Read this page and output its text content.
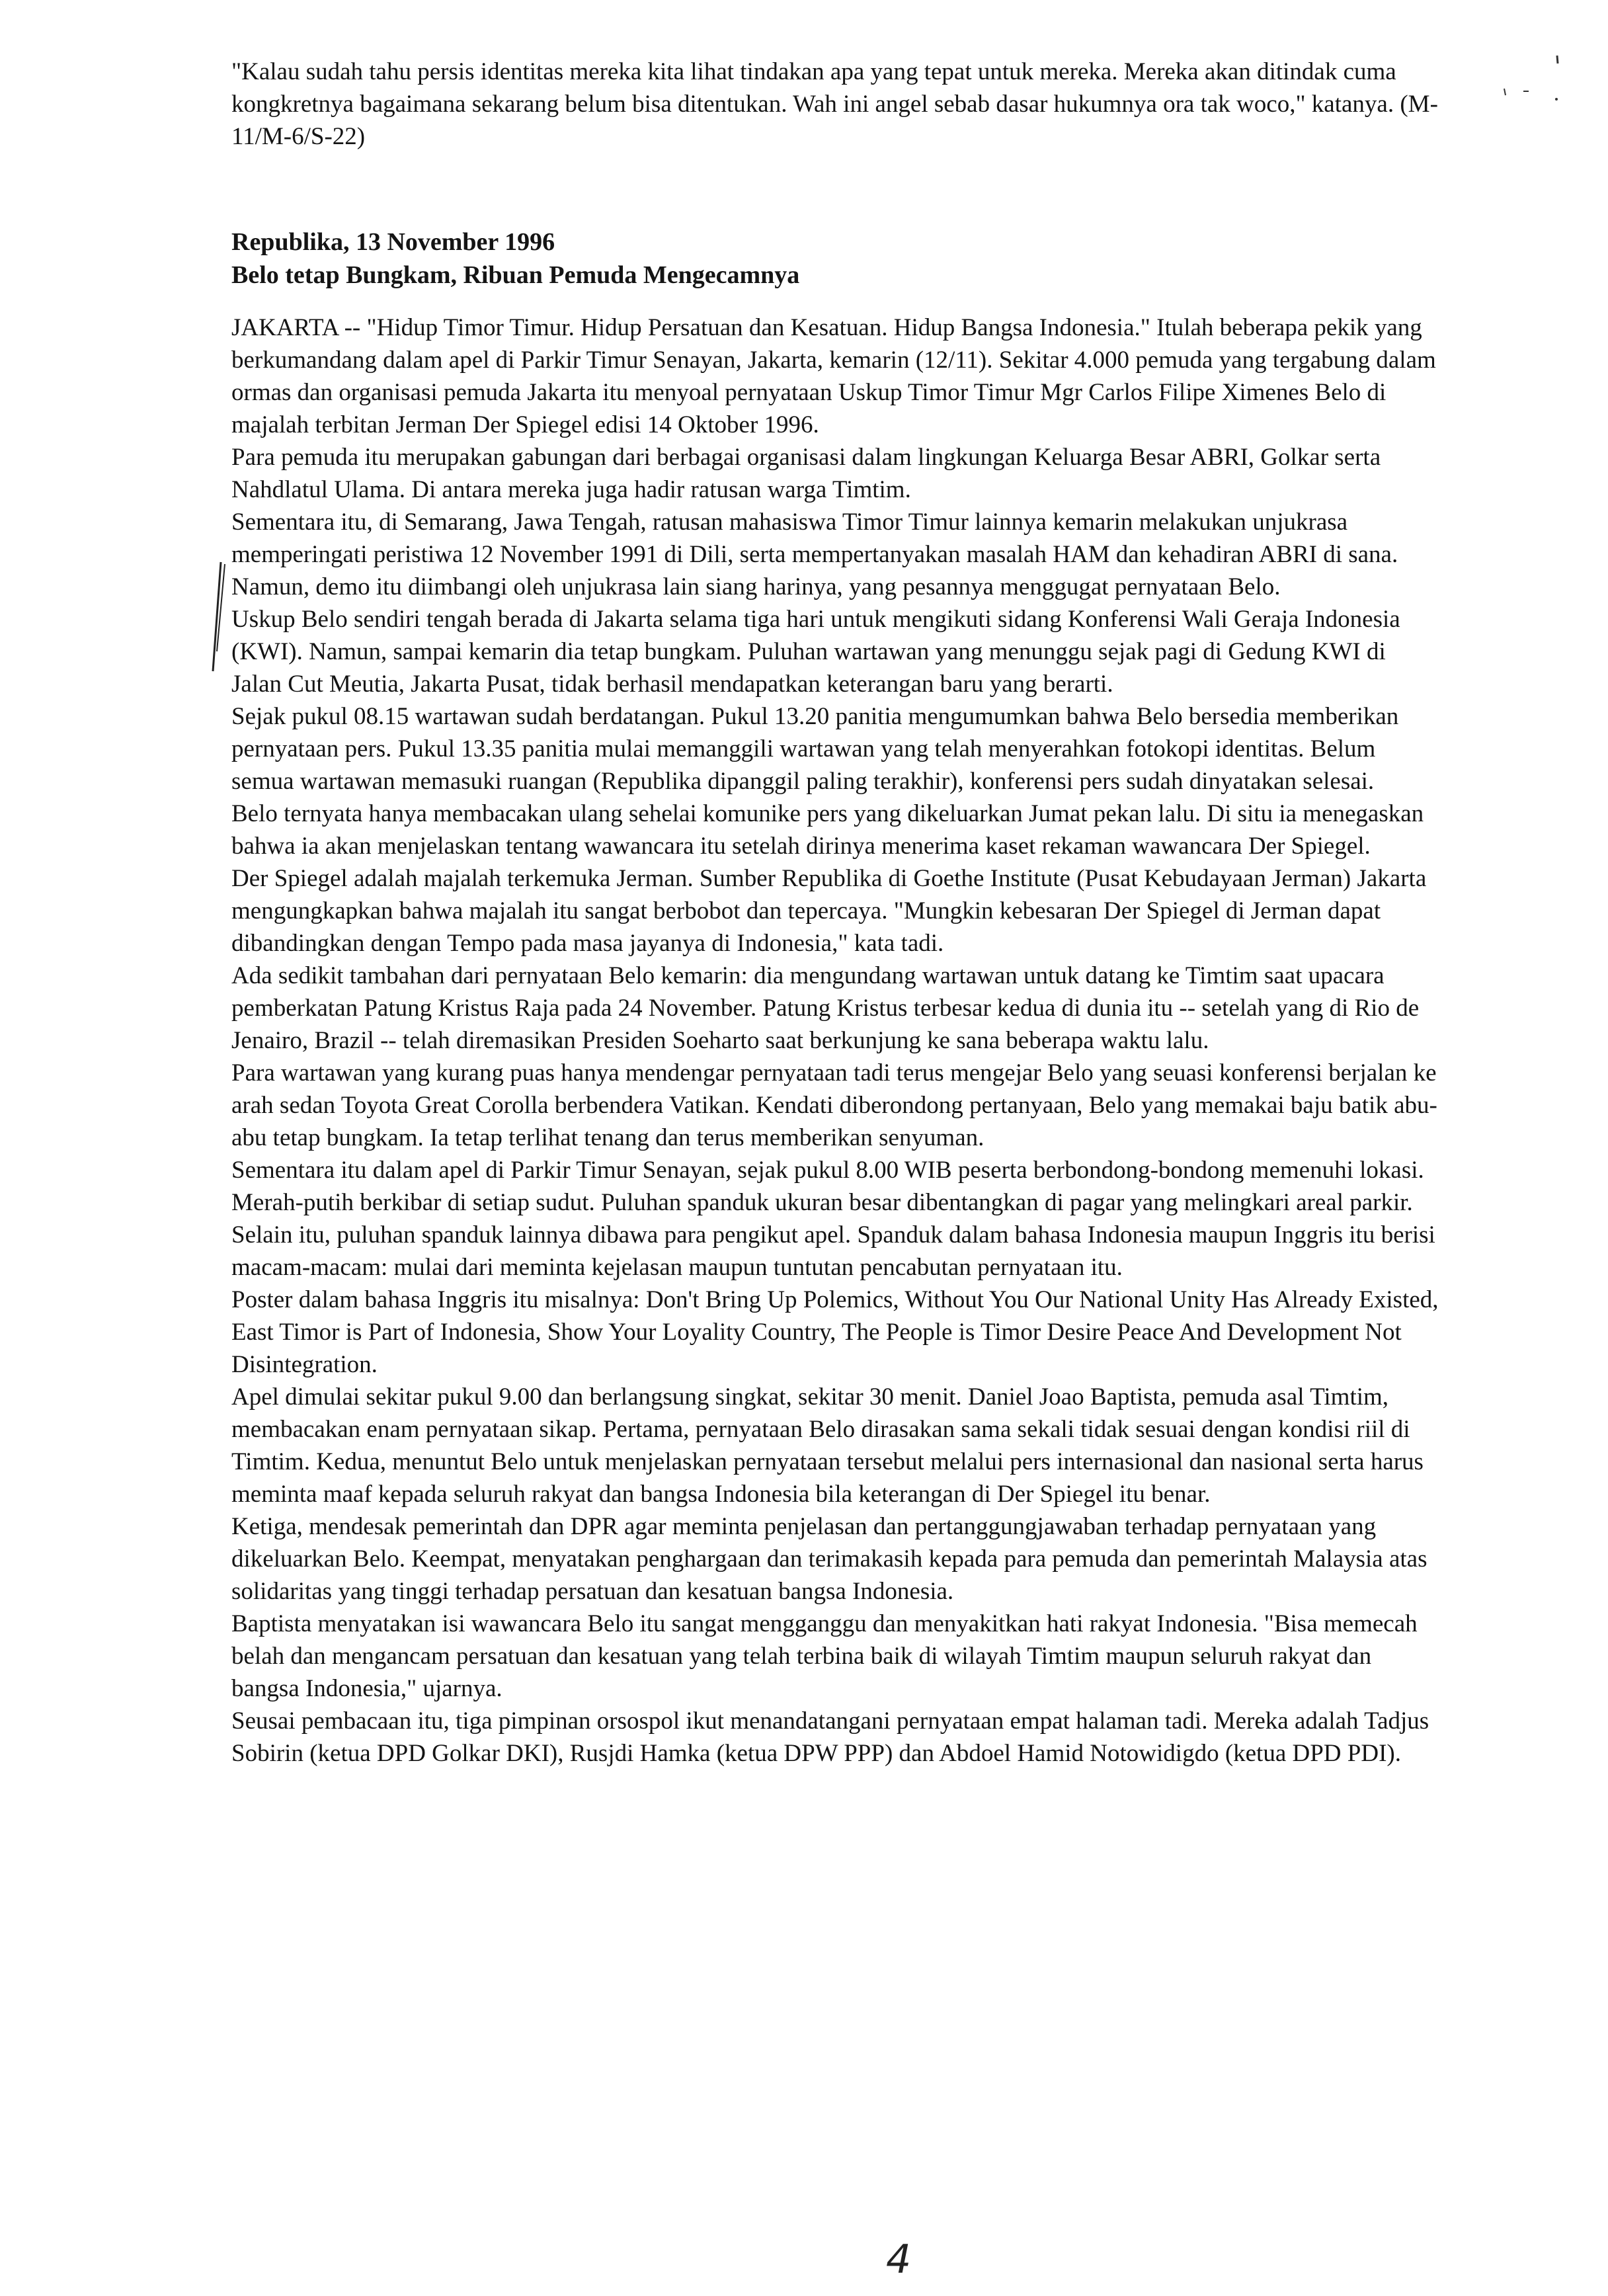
"Kalau sudah tahu persis identitas mereka kita lihat tindakan apa yang tepat untuk mereka. Mereka akan ditindak cuma kongkretnya bagaimana sekarang belum bisa ditentukan. Wah ini angel sebab dasar hukumnya ora tak woco," katanya. (M-11/M-6/S-22)

Republika, 13 November 1996

Belo tetap Bungkam, Ribuan Pemuda Mengecamnya

JAKARTA -- "Hidup Timor Timur. Hidup Persatuan dan Kesatuan. Hidup Bangsa Indonesia." Itulah beberapa pekik yang berkumandang dalam apel di Parkir Timur Senayan, Jakarta, kemarin (12/11). Sekitar 4.000 pemuda yang tergabung dalam ormas dan organisasi pemuda Jakarta itu menyoal pernyataan Uskup Timor Timur Mgr Carlos Filipe Ximenes Belo di majalah terbitan Jerman Der Spiegel edisi 14 Oktober 1996.

Para pemuda itu merupakan gabungan dari berbagai organisasi dalam lingkungan Keluarga Besar ABRI, Golkar serta Nahdlatul Ulama. Di antara mereka juga hadir ratusan warga Timtim.

Sementara itu, di Semarang, Jawa Tengah, ratusan mahasiswa Timor Timur lainnya kemarin melakukan unjukrasa memperingati peristiwa 12 November 1991 di Dili, serta mempertanyakan masalah HAM dan kehadiran ABRI di sana. Namun, demo itu diimbangi oleh unjukrasa lain siang harinya, yang pesannya menggugat pernyataan Belo.

Uskup Belo sendiri tengah berada di Jakarta selama tiga hari untuk mengikuti sidang Konferensi Wali Geraja Indonesia (KWI). Namun, sampai kemarin dia tetap bungkam. Puluhan wartawan yang menunggu sejak pagi di Gedung KWI di Jalan Cut Meutia, Jakarta Pusat, tidak berhasil mendapatkan keterangan baru yang berarti.

Sejak pukul 08.15 wartawan sudah berdatangan. Pukul 13.20 panitia mengumumkan bahwa Belo bersedia memberikan pernyataan pers. Pukul 13.35 panitia mulai memanggili wartawan yang telah menyerahkan fotokopi identitas. Belum semua wartawan memasuki ruangan (Republika dipanggil paling terakhir), konferensi pers sudah dinyatakan selesai.

Belo ternyata hanya membacakan ulang sehelai komunike pers yang dikeluarkan Jumat pekan lalu. Di situ ia menegaskan bahwa ia akan menjelaskan tentang wawancara itu setelah dirinya menerima kaset rekaman wawancara Der Spiegel.

Der Spiegel adalah majalah terkemuka Jerman. Sumber Republika di Goethe Institute (Pusat Kebudayaan Jerman) Jakarta mengungkapkan bahwa majalah itu sangat berbobot dan tepercaya. "Mungkin kebesaran Der Spiegel di Jerman dapat dibandingkan dengan Tempo pada masa jayanya di Indonesia," kata tadi.

Ada sedikit tambahan dari pernyataan Belo kemarin: dia mengundang wartawan untuk datang ke Timtim saat upacara pemberkatan Patung Kristus Raja pada 24 November. Patung Kristus terbesar kedua di dunia itu -- setelah yang di Rio de Jenairo, Brazil -- telah diremasikan Presiden Soeharto saat berkunjung ke sana beberapa waktu lalu.

Para wartawan yang kurang puas hanya mendengar pernyataan tadi terus mengejar Belo yang seuasi konferensi berjalan ke arah sedan Toyota Great Corolla berbendera Vatikan. Kendati diberondong pertanyaan, Belo yang memakai baju batik abu-abu tetap bungkam. Ia tetap terlihat tenang dan terus memberikan senyuman.

Sementara itu dalam apel di Parkir Timur Senayan, sejak pukul 8.00 WIB peserta berbondong-bondong memenuhi lokasi. Merah-putih berkibar di setiap sudut. Puluhan spanduk ukuran besar dibentangkan di pagar yang melingkari areal parkir. Selain itu, puluhan spanduk lainnya dibawa para pengikut apel. Spanduk dalam bahasa Indonesia maupun Inggris itu berisi macam-macam: mulai dari meminta kejelasan maupun tuntutan pencabutan pernyataan itu.

Poster dalam bahasa Inggris itu misalnya: Don't Bring Up Polemics, Without You Our National Unity Has Already Existed, East Timor is Part of Indonesia, Show Your Loyality Country, The People is Timor Desire Peace And Development Not Disintegration.

Apel dimulai sekitar pukul 9.00 dan berlangsung singkat, sekitar 30 menit. Daniel Joao Baptista, pemuda asal Timtim, membacakan enam pernyataan sikap. Pertama, pernyataan Belo dirasakan sama sekali tidak sesuai dengan kondisi riil di Timtim. Kedua, menuntut Belo untuk menjelaskan pernyataan tersebut melalui pers internasional dan nasional serta harus meminta maaf kepada seluruh rakyat dan bangsa Indonesia bila keterangan di Der Spiegel itu benar.

Ketiga, mendesak pemerintah dan DPR agar meminta penjelasan dan pertanggungjawaban terhadap pernyataan yang dikeluarkan Belo. Keempat, menyatakan penghargaan dan terimakasih kepada para pemuda dan pemerintah Malaysia atas solidaritas yang tinggi terhadap persatuan dan kesatuan bangsa Indonesia.

Baptista menyatakan isi wawancara Belo itu sangat mengganggu dan menyakitkan hati rakyat Indonesia. "Bisa memecah belah dan mengancam persatuan dan kesatuan yang telah terbina baik di wilayah Timtim maupun seluruh rakyat dan bangsa Indonesia," ujarnya.

Seusai pembacaan itu, tiga pimpinan orsospol ikut menandatangani pernyataan empat halaman tadi. Mereka adalah Tadjus Sobirin (ketua DPD Golkar DKI), Rusjdi Hamka (ketua DPW PPP) dan Abdoel Hamid Notowidigdo (ketua DPD PDI).

4
